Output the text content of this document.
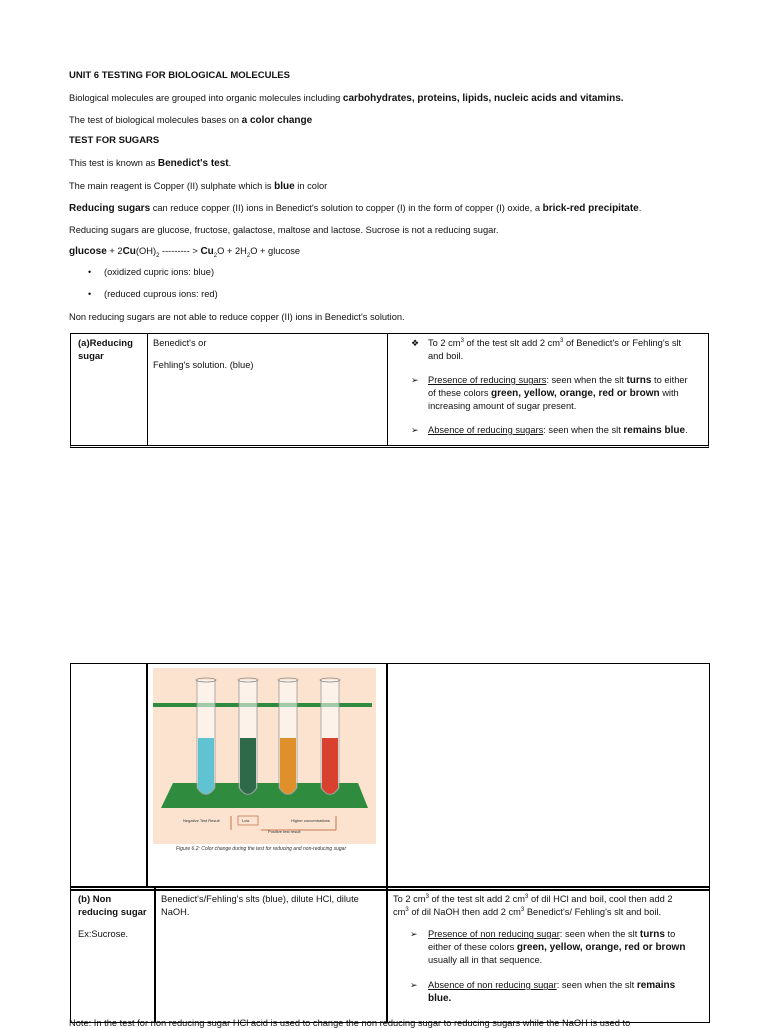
UNIT 6 TESTING FOR BIOLOGICAL MOLECULES
Biological molecules are grouped into organic molecules including carbohydrates, proteins, lipids, nucleic acids and vitamins.
The test of biological molecules bases on a color change
TEST FOR SUGARS
This test is known as Benedict's test.
The main reagent is Copper (II) sulphate which is blue in color
Reducing sugars can reduce copper (II) ions in Benedict's solution to copper (I) in the form of copper (I) oxide, a brick-red precipitate.
Reducing sugars are glucose, fructose, galactose, maltose and lactose. Sucrose is not a reducing sugar.
$glucose + 2Cu(OH)_2$ --------- > $Cu_2O + 2H_2O + glucose$
• (oxidized cupric ions: blue)
• (reduced cuprous ions: red)
Non reducing sugars are not able to reduce copper (II) ions in Benedict's solution.
(a)Reducing
sugar
Benedict's or
Fehling's solution. (blue)
❖ To 2 $cm^3$ of the test slt add 2 $cm^3$ of Benedict's or Fehling's slt
and boil.
➢ Presence of reducing sugars: seen when the slt turns to either
of these colors green, yellow, orange, red or brown with
increasing amount of sugar present.
➢ Absence of reducing sugars: seen when the slt remains blue.
Negative Test Result	Low	Higher concentrations
Positive test result
Figure 6.2: Color change during the test for reducing and non-reducing sugar
(b) Non
reducing sugar
Ex:Sucrose.
Benedict's/Fehling's slts (blue), dilute HCl, dilute
NaOH.
To 2 $cm^3$ of the test slt add 2 $cm^3$ of dil HCl and boil, cool then add 2
$cm^3$ of dil NaOH then add 2 $cm^3$ Benedict's/ Fehling's slt and boil.
➢ Presence of non reducing sugar: seen when the slt turns to
either of these colors green, yellow, orange, red or brown
usually all in that sequence.
➢ Absence of non reducing sugar: seen when the slt remains
blue.
Note: In the test for non reducing sugar HCl acid is used to change the non reducing sugar to reducing sugars while the NaOH is used to
